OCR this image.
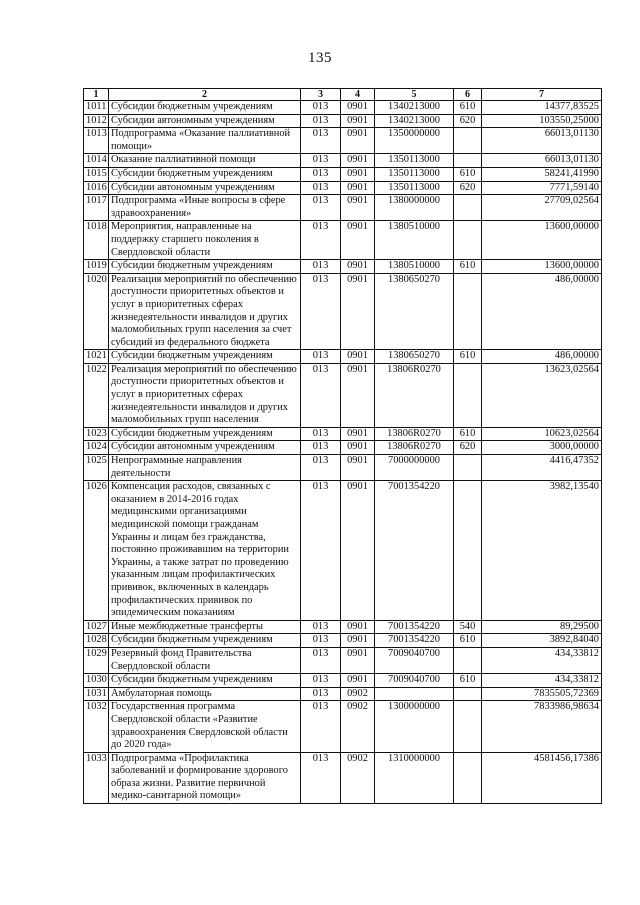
135
1	2	3	4	5	6	7
1011	Субсидии бюджетным учреждениям	013	0901	1340213000	610	14377,83525
1012	Субсидии автономным учреждениям	013	0901	1340213000	620	103550,25000
1013	Подпрограмма «Оказание паллиативной помощи»	013	0901	1350000000		66013,01130
1014	Оказание паллиативной помощи	013	0901	1350113000		66013,01130
1015	Субсидии бюджетным учреждениям	013	0901	1350113000	610	58241,41990
1016	Субсидии автономным учреждениям	013	0901	1350113000	620	7771,59140
1017	Подпрограмма «Иные вопросы в сфере здравоохранения»	013	0901	1380000000		27709,02564
1018	Мероприятия, направленные на поддержку старшего поколения в Свердловской области	013	0901	1380510000		13600,00000
1019	Субсидии бюджетным учреждениям	013	0901	1380510000	610	13600,00000
1020	Реализация мероприятий по обеспечению доступности приоритетных объектов и услуг в приоритетных сферах жизнедеятельности инвалидов и других маломобильных групп населения за счет субсидий из федерального бюджета	013	0901	1380650270		486,00000
1021	Субсидии бюджетным учреждениям	013	0901	1380650270	610	486,00000
1022	Реализация мероприятий по обеспечению доступности приоритетных объектов и услуг в приоритетных сферах жизнедеятельности инвалидов и других маломобильных групп населения	013	0901	13806R0270		13623,02564
1023	Субсидии бюджетным учреждениям	013	0901	13806R0270	610	10623,02564
1024	Субсидии автономным учреждениям	013	0901	13806R0270	620	3000,00000
1025	Непрограммные направления деятельности	013	0901	7000000000		4416,47352
1026	Компенсация расходов, связанных с оказанием в 2014-2016 годах медицинскими организациями медицинской помощи гражданам Украины и лицам без гражданства, постоянно проживавшим на территории Украины, а также затрат по проведению указанным лицам профилактических прививок, включенных в календарь профилактических прививок по эпидемическим показаниям	013	0901	7001354220		3982,13540
1027	Иные межбюджетные трансферты	013	0901	7001354220	540	89,29500
1028	Субсидии бюджетным учреждениям	013	0901	7001354220	610	3892,84040
1029	Резервный фонд Правительства Свердловской области	013	0901	7009040700		434,33812
1030	Субсидии бюджетным учреждениям	013	0901	7009040700	610	434,33812
1031	Амбулаторная помощь	013	0902			7835505,72369
1032	Государственная программа Свердловской области «Развитие здравоохранения Свердловской области до 2020 года»	013	0902	1300000000		7833986,98634
1033	Подпрограмма «Профилактика заболеваний и формирование здорового образа жизни. Развитие первичной медико-санитарной помощи»	013	0902	1310000000		4581456,17386
